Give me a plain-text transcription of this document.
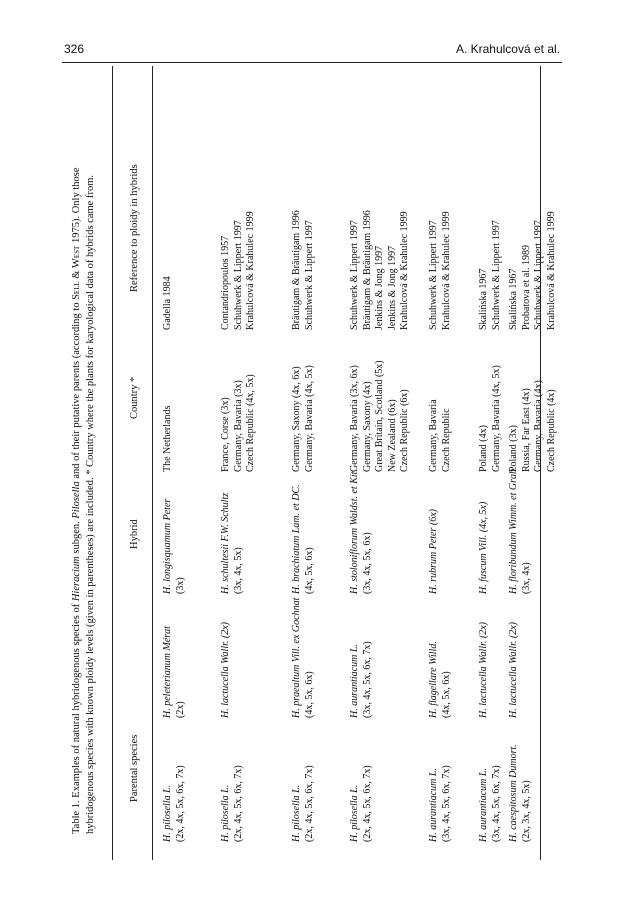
326	A. Krahulcová et al.
Table 1. Examples of natural hybridogenous species of Hieracium subgen. Pilosella and of their putative parents (according to Sell & West 1975). Only those hybridogenous species with known ploidy levels (given in parentheses) are included. * Country where the plants for karyological data of hybrids came from.	Parental species
Hybrid
Country *
Reference to ploidy in hybrids
H. pilosella L. (2x, 4x, 5x, 6x, 7x)
H. peleterianum Mérat (2x)
H. longisquamum Peter (3x)
The Netherlands
Gadella 1984
H. pilosella L. (2x, 4x, 5x, 6x, 7x)
H. lactucella Wallr. (2x)
H. schultesii F.W. Schultz (3x, 4x, 5x)
France, Corse (3x) Germany, Bavaria (3x) Czech Republic (4x, 5x)
Contandriopoulos 1957 Schuhwerk & Lippert 1997 Krahulcová & Krahulec 1999
H. pilosella L. (2x, 4x, 5x, 6x, 7x)
H. praealtum Vill. ex Gochnat (4x, 5x, 6x)
H. brachiatum Lam. et DC. (4x, 5x, 6x)
Germany, Saxony (4x, 6x) Germany, Bavaria (4x, 5x)
Bräutigam & Bräutigam 1996 Schuhwerk & Lippert 1997
H. pilosella L. (2x, 4x, 5x, 6x, 7x)
H. aurantiacum L. (3x, 4x, 5x, 6x, 7x)
H. stoloniflorum Waldst. et Kit. (3x, 4x, 5x, 6x)
Germany, Bavaria (3x, 6x) Germany, Saxony (4x) Great Britain, Scotland (5x) New Zealand (6x) Czech Republic (6x)
Schuhwerk & Lippert 1997 Bräutigam & Bräutigam 1996 Jenkins & Jong 1997 Jenkins & Jong 1997 Krahulcová & Krahulec 1999
H. aurantiacum L. (3x, 4x, 5x, 6x, 7x)
H. flagellare Willd. (4x, 5x, 6x)
H. rubrum Peter (6x)
Germany, Bavaria Czech Republic
Schuhwerk & Lippert 1997 Krahulcová & Krahulec 1999
H. aurantiacum L. (3x, 4x, 5x, 6x, 7x)
H. lactucella Wallr. (2x)
H. fuscum Vill. (4x, 5x)
Poland (4x) Germany, Bavaria (4x, 5x)
Skalińska 1967 Schuhwerk & Lippert 1997
H. caespitosum Dumort. (2x, 3x, 4x, 5x)
H. lactucella Wallr. (2x)
H. floribundum Wimm. et Grab. (3x, 4x)
Poland (3x) Russia, Far East (4x) Germany, Bavaria (4x) Czech Republic (4x)
Skalińska 1967 Probatova et al. 1989 Schuhwerk & Lippert 1997 Krahulcová & Krahulec 1999
